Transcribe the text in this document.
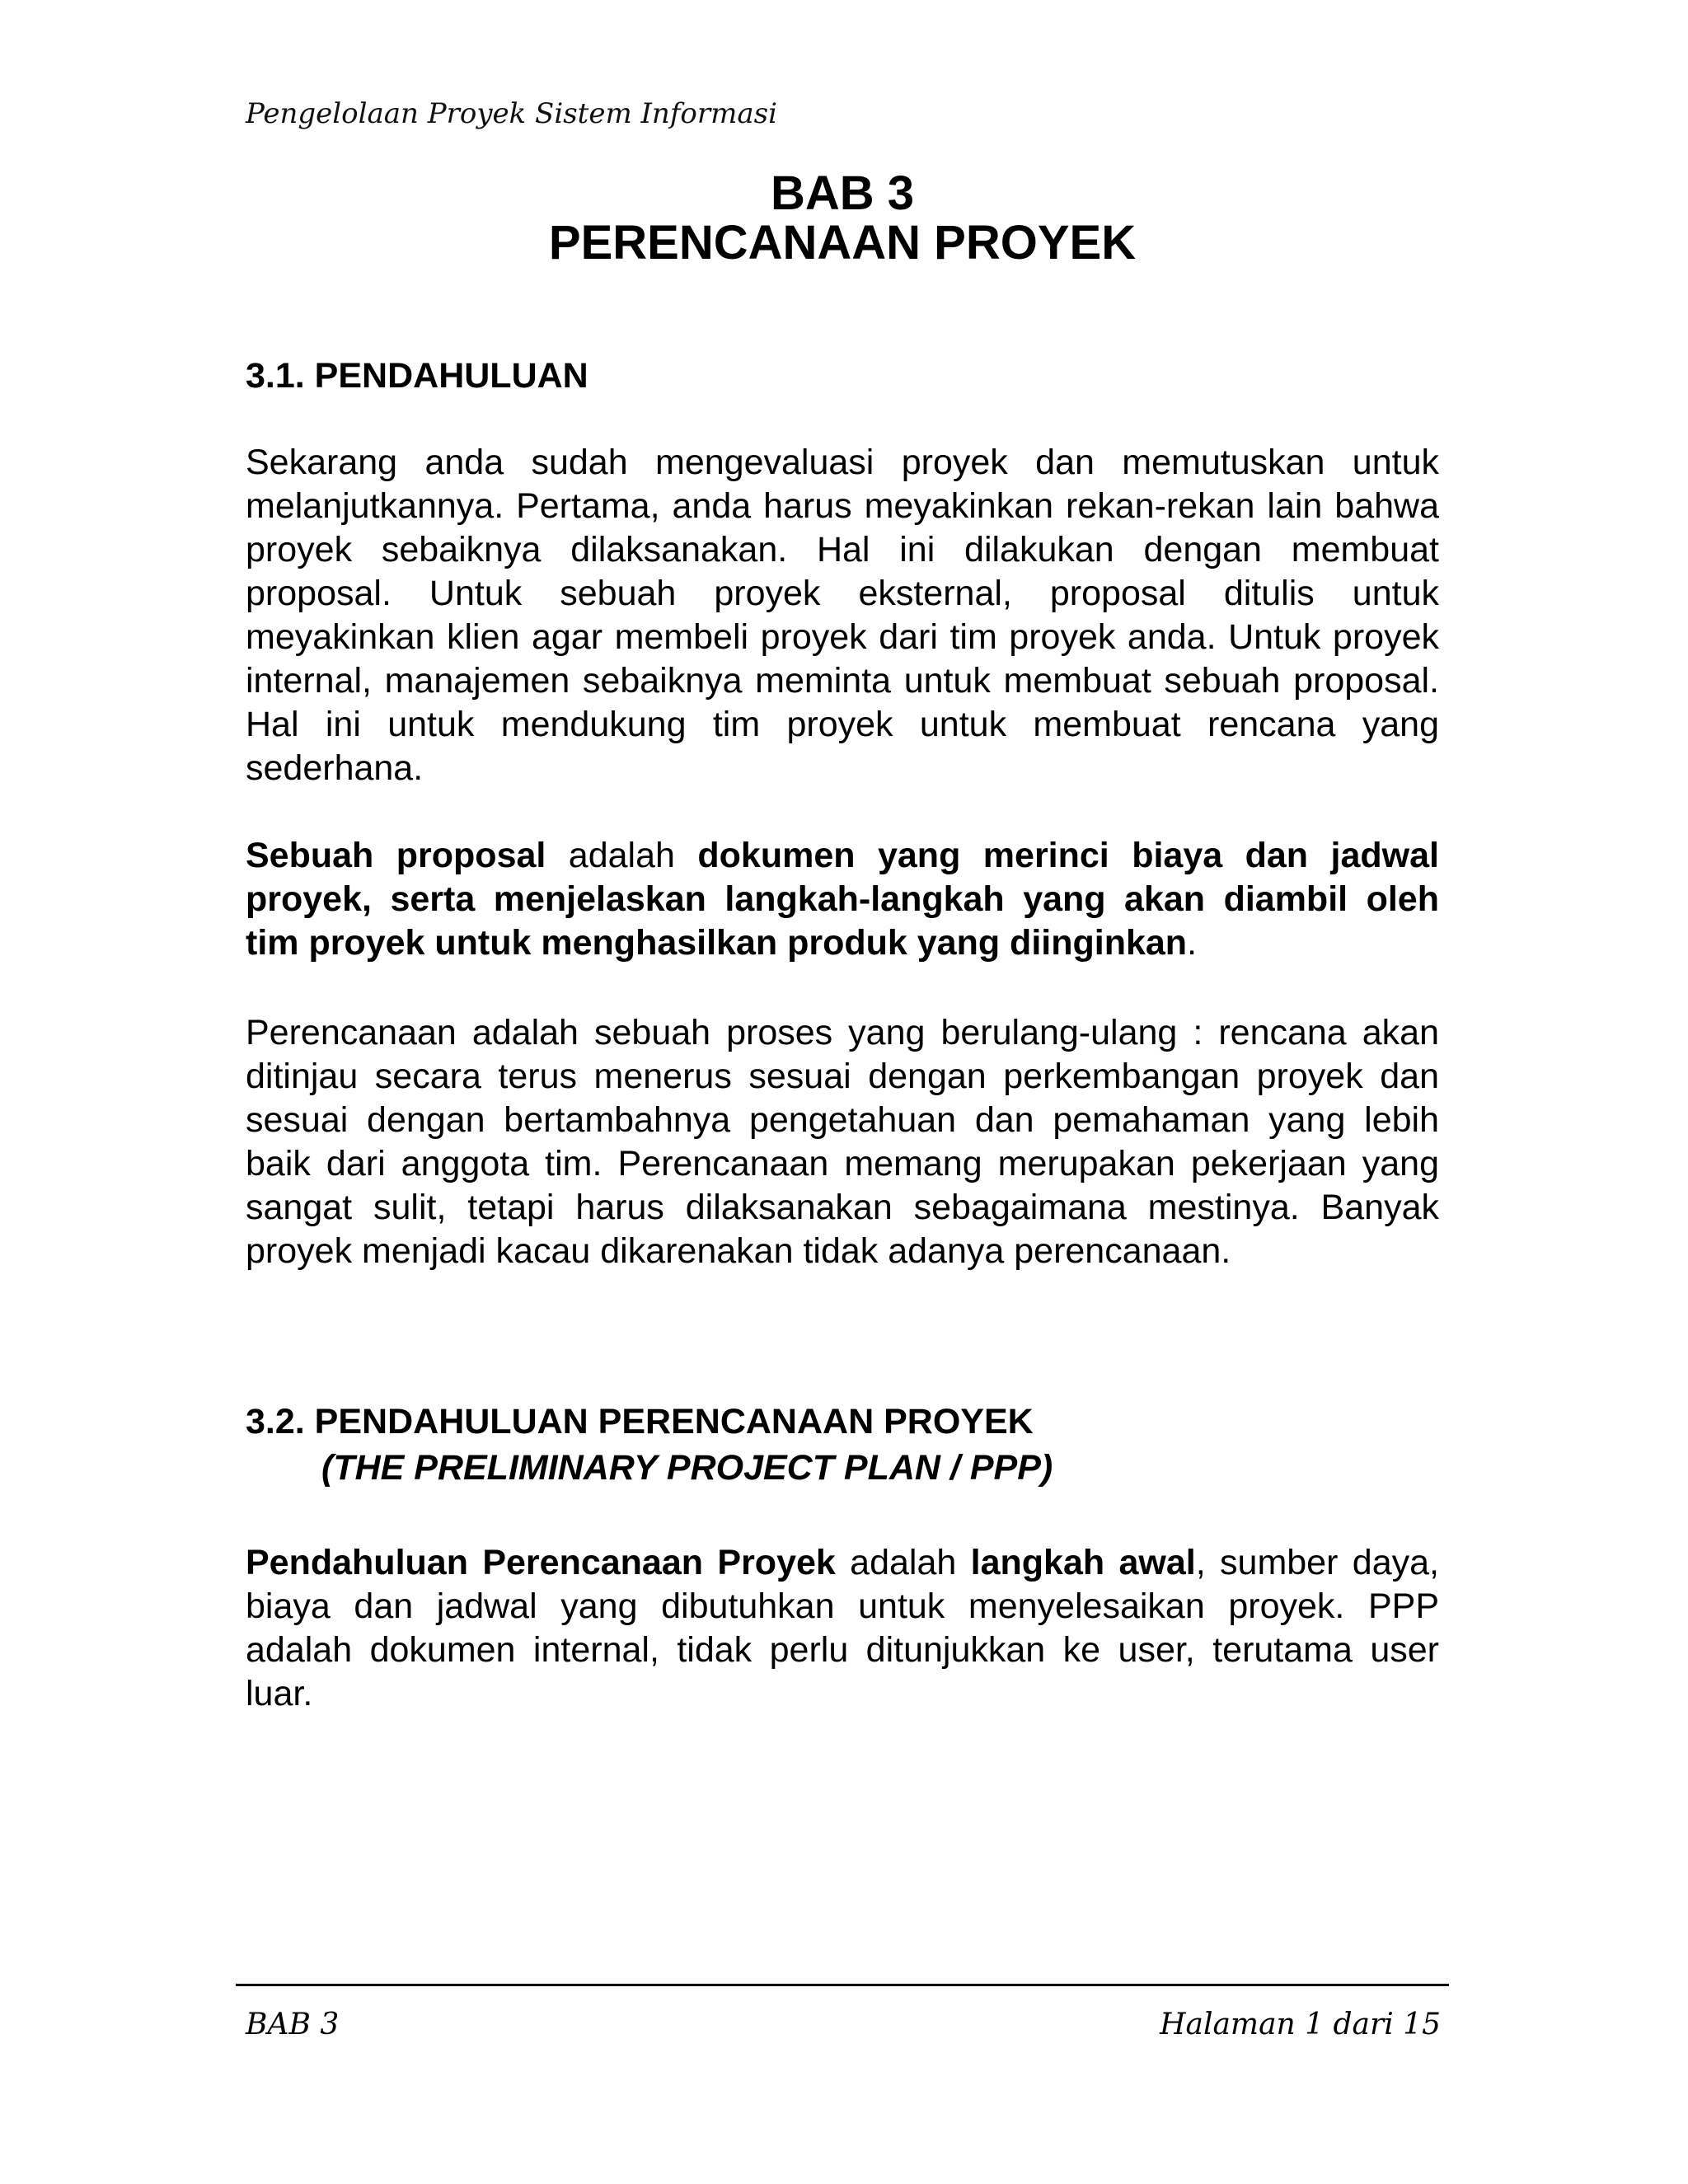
Pengelolaan Proyek Sistem Informasi

BAB 3
PERENCANAAN PROYEK
3.1. PENDAHULUAN

Sekarang anda sudah mengevaluasi proyek dan memutuskan untuk melanjutkannya. Pertama, anda harus meyakinkan rekan-rekan lain bahwa proyek sebaiknya dilaksanakan. Hal ini dilakukan dengan membuat proposal. Untuk sebuah proyek eksternal, proposal ditulis untuk meyakinkan klien agar membeli proyek dari tim proyek anda. Untuk proyek internal, manajemen sebaiknya meminta untuk membuat sebuah proposal. Hal ini untuk mendukung tim proyek untuk membuat rencana yang sederhana.

Sebuah proposal adalah dokumen yang merinci biaya dan jadwal proyek, serta menjelaskan langkah-langkah yang akan diambil oleh tim proyek untuk menghasilkan produk yang diinginkan.

Perencanaan adalah sebuah proses yang berulang-ulang : rencana akan ditinjau secara terus menerus sesuai dengan perkembangan proyek dan sesuai dengan bertambahnya pengetahuan dan pemahaman yang lebih baik dari anggota tim. Perencanaan memang merupakan pekerjaan yang sangat sulit, tetapi harus dilaksanakan sebagaimana mestinya. Banyak proyek menjadi kacau dikarenakan tidak adanya perencanaan.

3.2. PENDAHULUAN PERENCANAAN PROYEK
(THE PRELIMINARY PROJECT PLAN / PPP)

Pendahuluan Perencanaan Proyek adalah langkah awal, sumber daya, biaya dan jadwal yang dibutuhkan untuk menyelesaikan proyek. PPP adalah dokumen internal, tidak perlu ditunjukkan ke user, terutama user luar.

BAB 3	Halaman 1 dari 15
